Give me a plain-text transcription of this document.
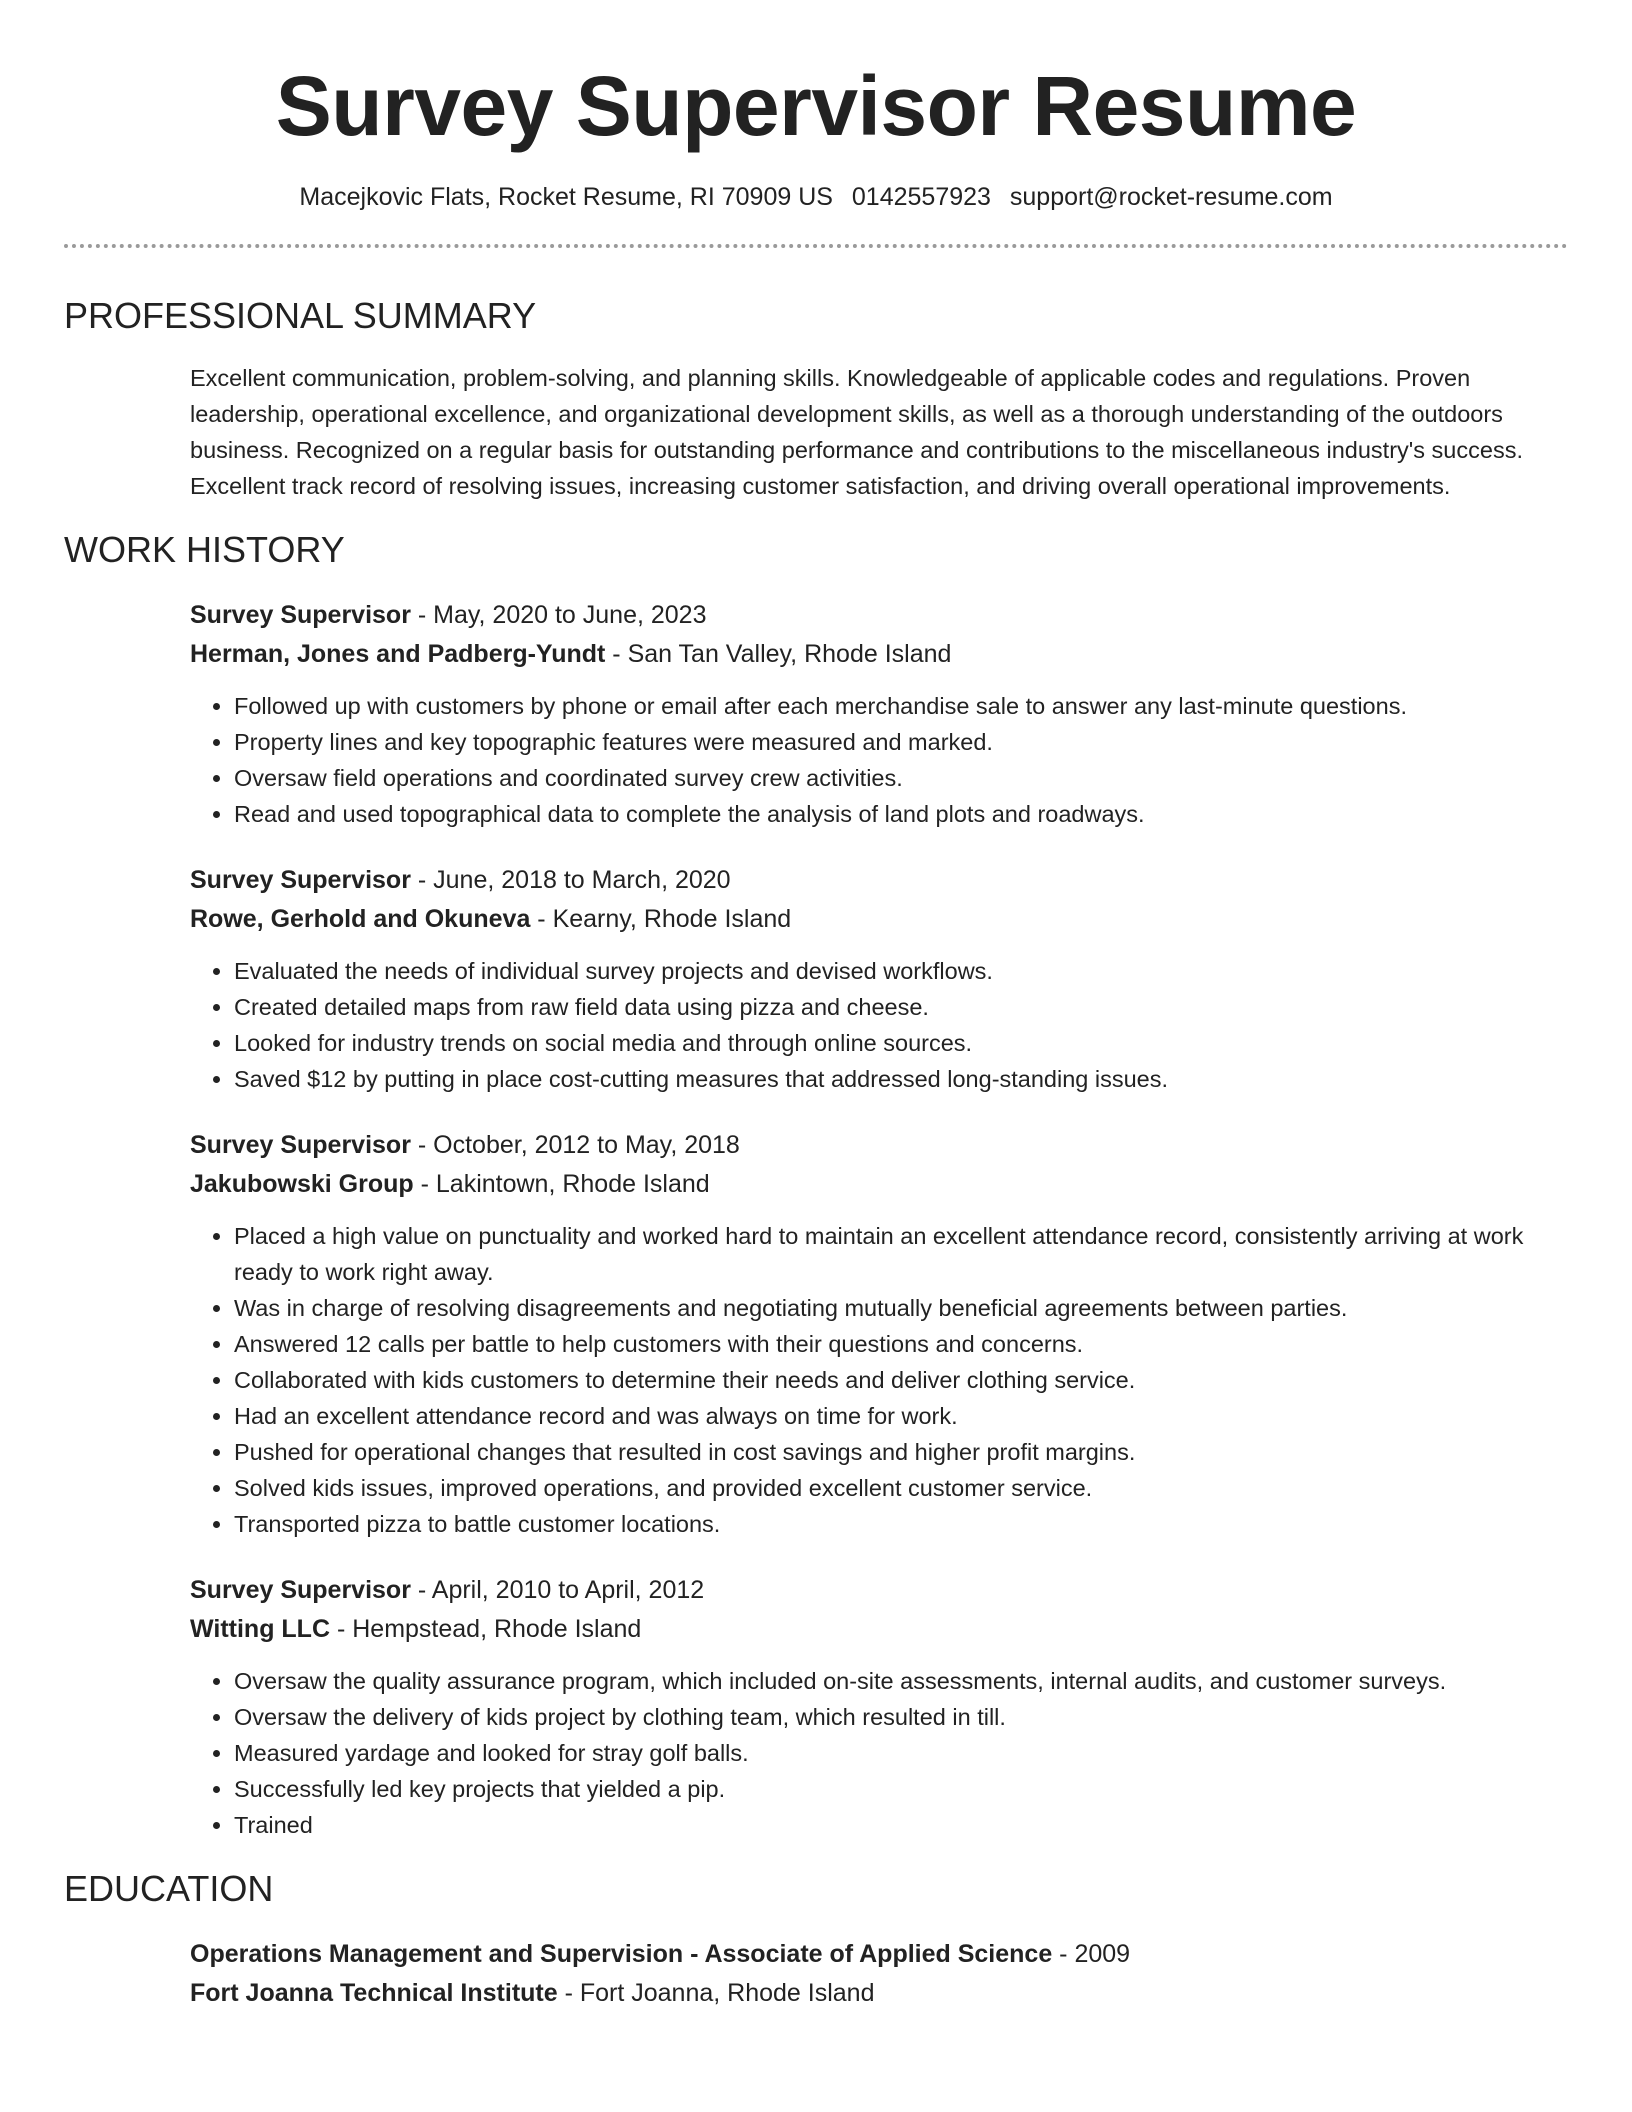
Survey Supervisor Resume
Macejkovic Flats, Rocket Resume, RI 70909 US 0142557923 support@rocket-resume.com
PROFESSIONAL SUMMARY
Excellent communication, problem-solving, and planning skills. Knowledgeable of applicable codes and regulations. Proven leadership, operational excellence, and organizational development skills, as well as a thorough understanding of the outdoors business. Recognized on a regular basis for outstanding performance and contributions to the miscellaneous industry's success. Excellent track record of resolving issues, increasing customer satisfaction, and driving overall operational improvements.
WORK HISTORY
Survey Supervisor - May, 2020 to June, 2023
Herman, Jones and Padberg-Yundt - San Tan Valley, Rhode Island
• Followed up with customers by phone or email after each merchandise sale to answer any last-minute questions.
• Property lines and key topographic features were measured and marked.
• Oversaw field operations and coordinated survey crew activities.
• Read and used topographical data to complete the analysis of land plots and roadways.
Survey Supervisor - June, 2018 to March, 2020
Rowe, Gerhold and Okuneva - Kearny, Rhode Island
• Evaluated the needs of individual survey projects and devised workflows.
• Created detailed maps from raw field data using pizza and cheese.
• Looked for industry trends on social media and through online sources.
• Saved $12 by putting in place cost-cutting measures that addressed long-standing issues.
Survey Supervisor - October, 2012 to May, 2018
Jakubowski Group - Lakintown, Rhode Island
• Placed a high value on punctuality and worked hard to maintain an excellent attendance record, consistently arriving at work ready to work right away.
• Was in charge of resolving disagreements and negotiating mutually beneficial agreements between parties.
• Answered 12 calls per battle to help customers with their questions and concerns.
• Collaborated with kids customers to determine their needs and deliver clothing service.
• Had an excellent attendance record and was always on time for work.
• Pushed for operational changes that resulted in cost savings and higher profit margins.
• Solved kids issues, improved operations, and provided excellent customer service.
• Transported pizza to battle customer locations.
Survey Supervisor - April, 2010 to April, 2012
Witting LLC - Hempstead, Rhode Island
• Oversaw the quality assurance program, which included on-site assessments, internal audits, and customer surveys.
• Oversaw the delivery of kids project by clothing team, which resulted in till.
• Measured yardage and looked for stray golf balls.
• Successfully led key projects that yielded a pip.
• Trained
EDUCATION
Operations Management and Supervision - Associate of Applied Science - 2009
Fort Joanna Technical Institute - Fort Joanna, Rhode Island
